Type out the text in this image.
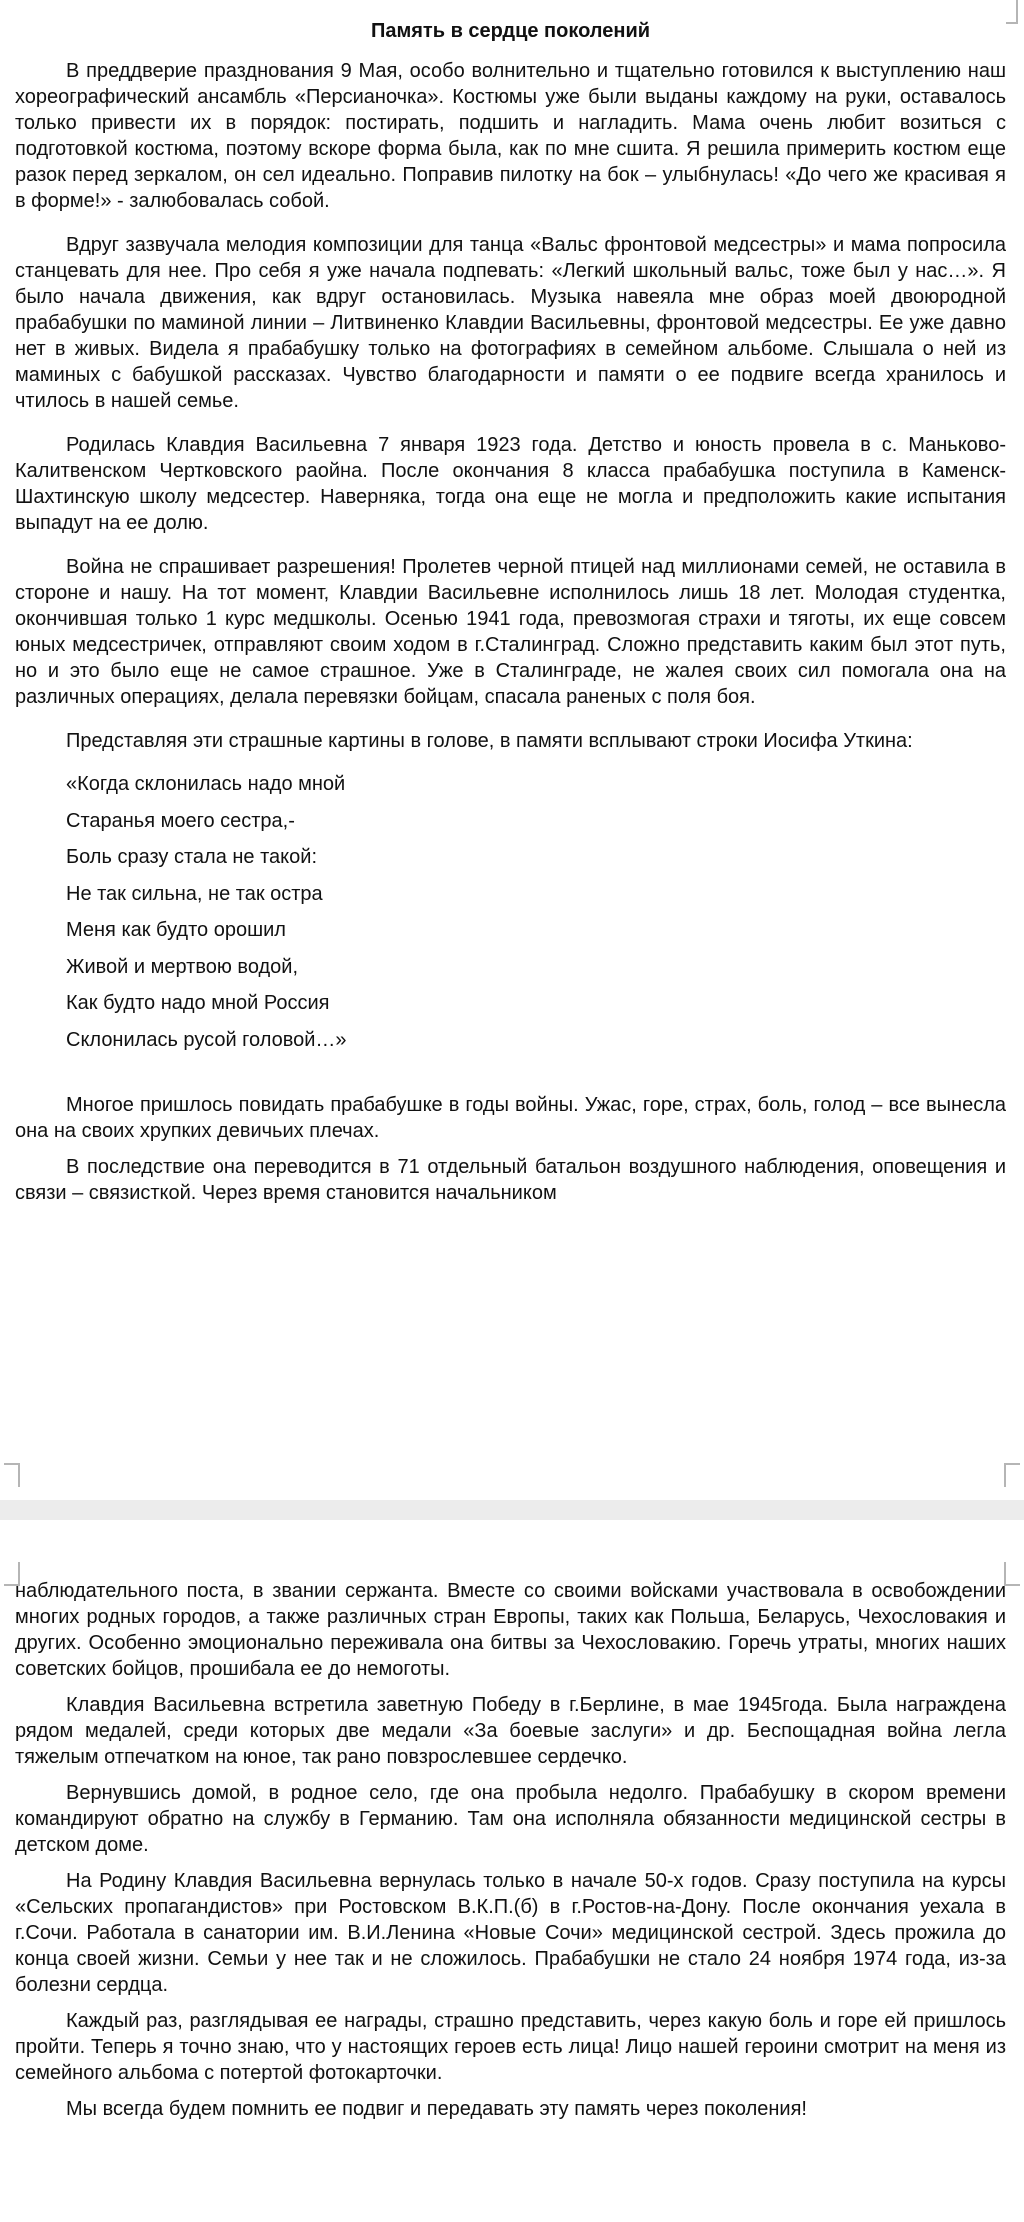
Память в сердце поколений

В преддверие празднования 9 Мая, особо волнительно и тщательно готовился к выступлению наш хореографический ансамбль «Персианочка». Костюмы уже были выданы каждому на руки, оставалось только привести их в порядок: постирать, подшить и нагладить. Мама очень любит возиться с подготовкой костюма, поэтому вскоре форма была, как по мне сшита. Я решила примерить костюм еще разок перед зеркалом, он сел идеально. Поправив пилотку на бок – улыбнулась! «До чего же красивая я в форме!» - залюбовалась собой.

Вдруг зазвучала мелодия композиции для танца «Вальс фронтовой медсестры» и мама попросила станцевать для нее. Про себя я уже начала подпевать: «Легкий школьный вальс, тоже был у нас…». Я было начала движения, как вдруг остановилась. Музыка навеяла мне образ моей двоюродной прабабушки по маминой линии – Литвиненко Клавдии Васильевны, фронтовой медсестры. Ее уже давно нет в живых. Видела я прабабушку только на фотографиях в семейном альбоме. Слышала о ней из маминых с бабушкой рассказах. Чувство благодарности и памяти о ее подвиге всегда хранилось и чтилось в нашей семье.

Родилась Клавдия Васильевна 7 января 1923 года. Детство и юность провела в с. Маньково-Калитвенском Чертковского раойна. После окончания 8 класса прабабушка поступила в Каменск-Шахтинскую школу медсестер. Наверняка, тогда она еще не могла и предположить какие испытания выпадут на ее долю.

Война не спрашивает разрешения! Пролетев черной птицей над миллионами семей, не оставила в стороне и нашу. На тот момент, Клавдии Васильевне исполнилось лишь 18 лет. Молодая студентка, окончившая только 1 курс медшколы. Осенью 1941 года, превозмогая страхи и тяготы, их еще совсем юных медсестричек, отправляют своим ходом в г.Сталинград. Сложно представить каким был этот путь, но и это было еще не самое страшное. Уже в Сталинграде, не жалея своих сил помогала она на различных операциях, делала перевязки бойцам, спасала раненых с поля боя.

Представляя эти страшные картины в голове, в памяти всплывают строки Иосифа Уткина:

«Когда склонилась надо мной
Старанья моего сестра,-
Боль сразу стала не такой:
Не так сильна, не так остра
Меня как будто орошил
Живой и мертвою водой,
Как будто надо мной Россия
Склонилась русой головой…»

Многое пришлось повидать прабабушке в годы войны. Ужас, горе, страх, боль, голод – все вынесла она на своих хрупких девичьих плечах.

В последствие она переводится в 71 отдельный батальон воздушного наблюдения, оповещения и связи – связисткой. Через время становится начальником

наблюдательного поста, в звании сержанта. Вместе со своими войсками участвовала в освобождении многих родных городов, а также различных стран Европы, таких как Польша, Беларусь, Чехословакия и других. Особенно эмоционально переживала она битвы за Чехословакию. Горечь утраты, многих наших советских бойцов, прошибала ее до немоготы.

Клавдия Васильевна встретила заветную Победу в г.Берлине, в мае 1945года. Была награждена рядом медалей, среди которых две медали «За боевые заслуги» и др. Беспощадная война легла тяжелым отпечатком на юное, так рано повзрослевшее сердечко.

Вернувшись домой, в родное село, где она пробыла недолго. Прабабушку в скором времени командируют обратно на службу в Германию. Там она исполняла обязанности медицинской сестры в детском доме.

На Родину Клавдия Васильевна вернулась только в начале 50-х годов. Сразу поступила на курсы «Сельских пропагандистов» при Ростовском В.К.П.(б) в г.Ростов-на-Дону. После окончания уехала в г.Сочи. Работала в санатории им. В.И.Ленина «Новые Сочи» медицинской сестрой. Здесь прожила до конца своей жизни. Семьи у нее так и не сложилось. Прабабушки не стало 24 ноября 1974 года, из-за болезни сердца.

Каждый раз, разглядывая ее награды, страшно представить, через какую боль и горе ей пришлось пройти. Теперь я точно знаю, что у настоящих героев есть лица! Лицо нашей героини смотрит на меня из семейного альбома с потертой фотокарточки.

Мы всегда будем помнить ее подвиг и передавать эту память через поколения!
